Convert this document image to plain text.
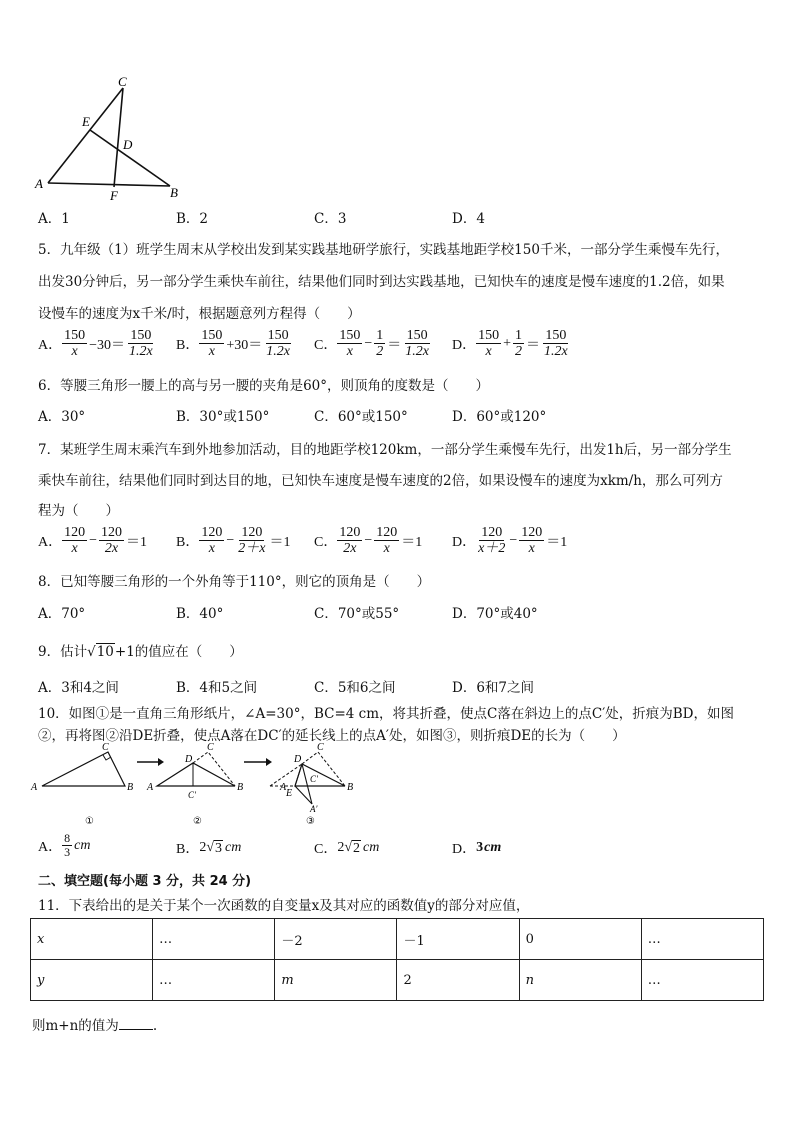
C
E
D
A
F	B
A．1	B．2	C．3	D．4
5．九年级（1）班学生周末从学校出发到某实践基地研学旅行，实践基地距学校150千米，一部分学生乘慢车先行，
出发30分钟后，另一部分学生乘快车前往，结果他们同时到达实践基地，已知快车的速度是慢车速度的1.2倍，如果
设慢车的速度为x千米/时，根据题意列方程得（　　）
A． $\frac{150}{x} -30= \frac{150}{1.2x}$ B． $\frac{150}{x} +30= \frac{150}{1.2x}$ C． $\frac{150}{x} - \frac{1}{2} = \frac{150}{1.2x}$ D． $\frac{150}{x} + \frac{1}{2} = \frac{150}{1.2x}$
6．等腰三角形一腰上的高与另一腰的夹角是60°，则顶角的度数是（　　）
A．30°	B．30°或150°	C．60°或150°	D．60°或120°
7．某班学生周末乘汽车到外地参加活动，目的地距学校120km，一部分学生乘慢车先行，出发1h后，另一部分学生
乘快车前往，结果他们同时到达目的地，已知快车速度是慢车速度的2倍，如果设慢车的速度为xkm/h，那么可列方
程为（　　）
A． $\frac{120}{x} - \frac{120}{2x} =1$ B． $\frac{120}{x} - \frac{120}{2+x} =1$ C． $\frac{120}{2x} - \frac{120}{x} =1$ D． $\frac{120}{x+2} - \frac{120}{x} =1$
8．已知等腰三角形的一个外角等于110°，则它的顶角是（　　）
A．70°	B．40°	C．70°或55°	D．70°或40°
9．估计√10+1的值应在（　　）
A．3和4之间	B．4和5之间	C．5和6之间	D．6和7之间
10．如图①是一直角三角形纸片，∠A=30°，BC=4 cm，将其折叠，使点C落在斜边上的点C′处，折痕为BD，如图
②，再将图②沿DE折叠，使点A落在DC′的延长线上的点A′处，如图③，则折痕DE的长为（　　）
A
C
B
①
A
D
C
B
C′
②
A
D
C
B
E
C′
A′
③
A． $\frac{8}{3}$ cm	B． 2 √ 3 cm	C． 2 √ 2 cm	D． 3 cm
二、填空题(每小题 3 分，共 24 分)
11．下表给出的是关于某个一次函数的自变量x及其对应的函数值y的部分对应值，
x	…	－2	－1	0	…
y	…	m	2	n	…
则m+n的值为	.
